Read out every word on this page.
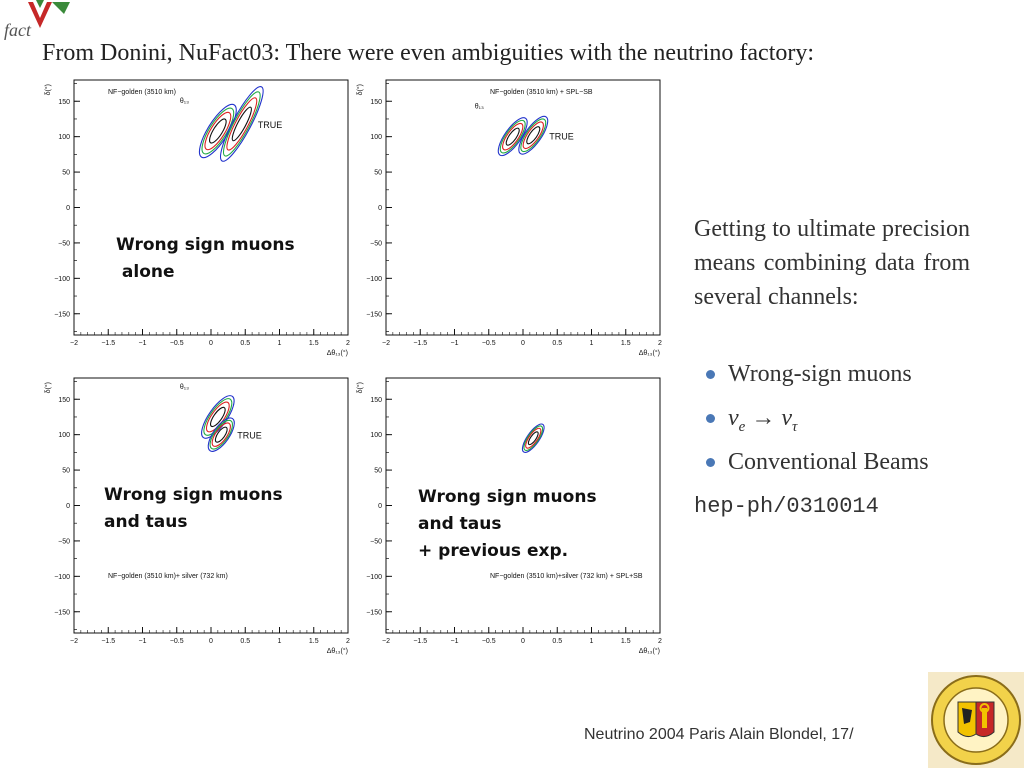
fact
From Donini, NuFact03: There were even ambiguities with the neutrino factory:
150
100
50
0
−50
−100
−150
−2	−1.5	−1	−0.5	0	0.5	1	1.5	2
δ(°)
Δθ₁₃(°)
NF−golden (3510 km)
TRUE
θ₁₃	150
100
50
0
−50
−100
−150
−2	−1.5	−1	−0.5	0	0.5	1	1.5	2
δ(°)
Δθ₁₃(°)
NF−golden (3510 km) + SPL−SB
TRUE
θ₁₃
150
100
50
0
−50
−100
−150
−2	−1.5	−1	−0.5	0	0.5	1	1.5	2
δ(°)
Δθ₁₃(°)
NF−golden (3510 km)+ silver (732 km)
TRUE
θ₁₃
150
100
50
0
−50
−100
−150
−2	−1.5	−1	−0.5	0	0.5	1	1.5	2
δ(°)
Δθ₁₃(°)
NF−golden (3510 km)+silver (732 km) + SPL+SB
Wrong sign muons
alone
Wrong sign muons
and taus
Wrong sign muons
and taus
+ previous exp.
Getting to ultimate precision means combining data from several channels:
Wrong-sign muons
$\nu_e \to \nu_\tau$
Conventional Beams
hep-ph/0310014
Neutrino 2004 Paris Alain Blondel, 17/
